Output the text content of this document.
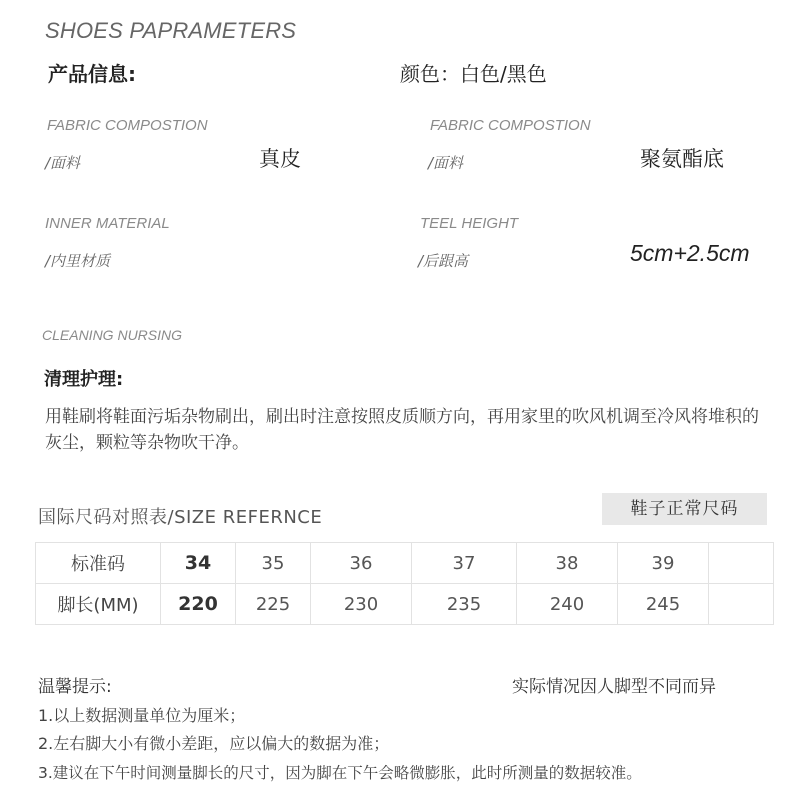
SHOES PAPRAMETERS
产品信息:	颜色：白色/黑色
FABRIC COMPOSTION
/面料	真皮
FABRIC COMPOSTION
/面料	聚氨酯底
INNER MATERIAL
/内里材质
TEEL HEIGHT
/后跟高	5cm+2.5cm
CLEANING NURSING
清理护理:
用鞋刷将鞋面污垢杂物刷出，刷出时注意按照皮质顺方向，再用家里的吹风机调至冷风将堆积的灰尘，颗粒等杂物吹干净。
国际尺码对照表/SIZE REFERNCE	鞋子正常尺码
标准码	34	35	36	37	38	39	
脚长(MM)	220	225	230	235	240	245	
温馨提示:	实际情况因人脚型不同而异
1.以上数据测量单位为厘米；
2.左右脚大小有微小差距，应以偏大的数据为准；
3.建议在下午时间测量脚长的尺寸，因为脚在下午会略微膨胀，此时所测量的数据较准。
